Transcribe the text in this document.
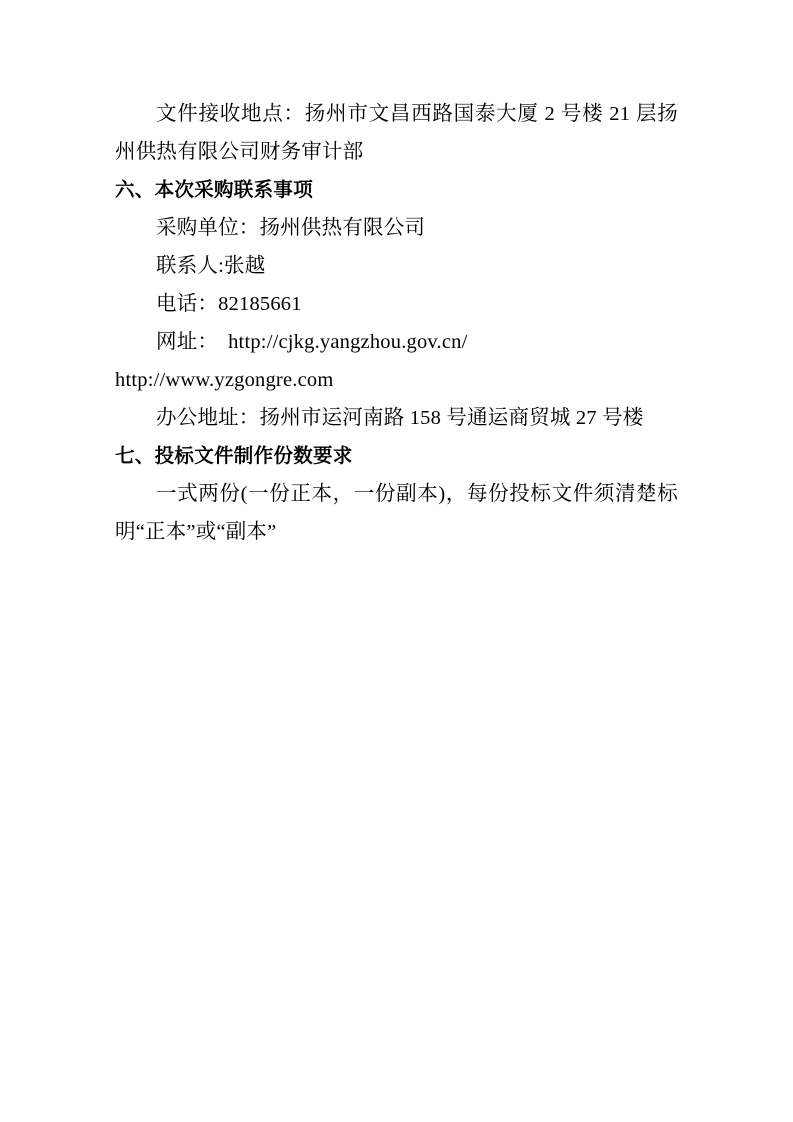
文件接收地点：扬州市文昌西路国泰大厦 2 号楼 21 层扬州供热有限公司财务审计部

六、本次采购联系事项

采购单位：扬州供热有限公司

联系人:张越

电话：82185661

网址： http://cjkg.yangzhou.gov.cn/

http://www.yzgongre.com

办公地址：扬州市运河南路 158 号通运商贸城 27 号楼

七、投标文件制作份数要求

一式两份(一份正本，一份副本)，每份投标文件须清楚标明“正本”或“副本”
